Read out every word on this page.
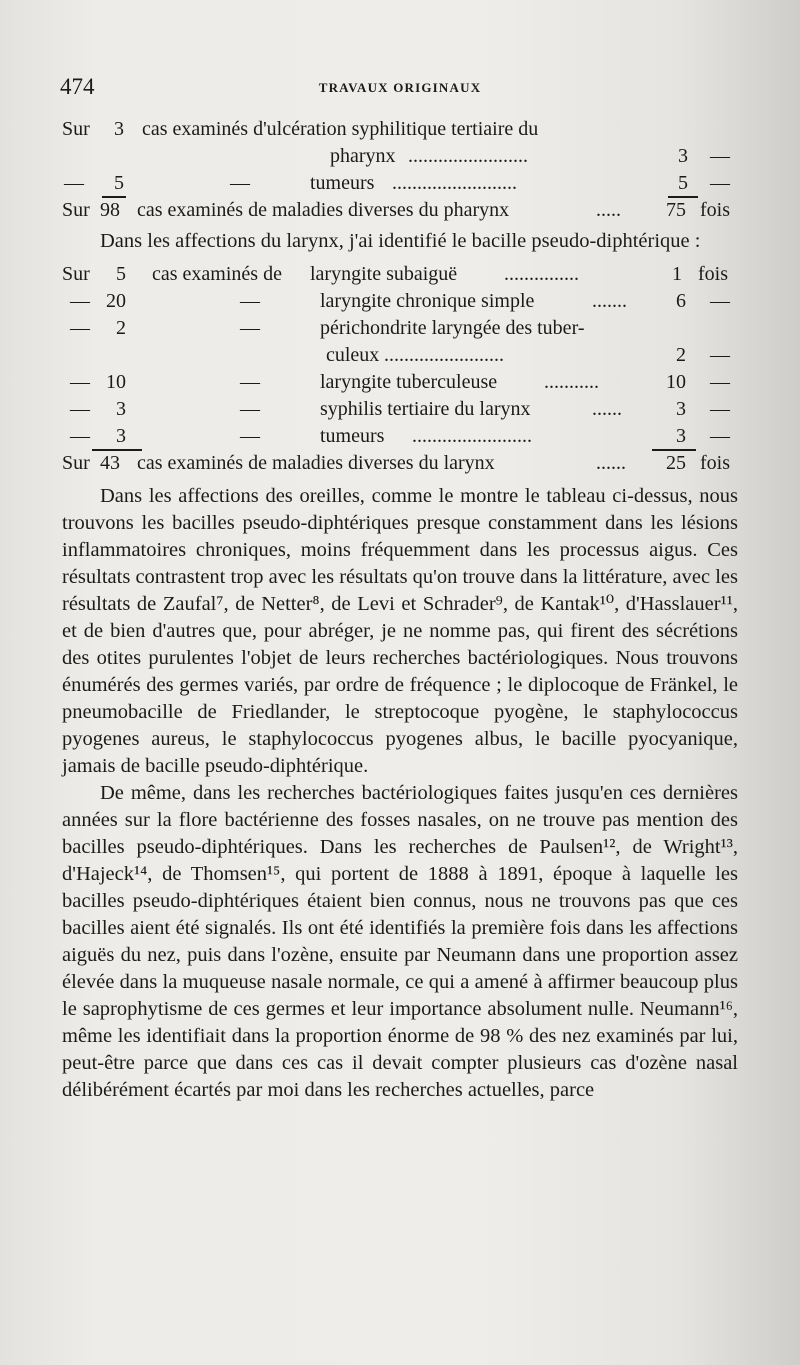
474	TRAVAUX ORIGINAUX
Sur 3 cas examinés d'ulcération syphilitique tertiaire du
pharynx ........................	3 —
— 5	—	tumeurs .........................	5 —
Sur 98 cas examinés de maladies diverses du pharynx	..... 75 fois

Dans les affections du larynx, j'ai identifié le bacille pseudo-diphtérique :

Sur 5 cas examinés de laryngite subaiguë ...............	1 fois
— 20	—	laryngite chronique simple	....... 6 —
— 2	—	périchondrite laryngée des tuber-
culeux ........................	2 —
— 10	—	laryngite tuberculeuse ...........	10 —
— 3	—	syphilis tertiaire du larynx	......	3 —
— 3	—	tumeurs ........................	3 —
Sur 43 cas examinés de maladies diverses du larynx	...... 25 fois

Dans les affections des oreilles, comme le montre le tableau ci-dessus, nous trouvons les bacilles pseudo-diphtériques presque constamment dans les lésions inflammatoires chroniques, moins fréquemment dans les processus aigus. Ces résultats contrastent trop avec les résultats qu'on trouve dans la littérature, avec les résultats de Zaufal⁷, de Netter⁸, de Levi et Schrader⁹, de Kantak¹⁰, d'Hasslauer¹¹, et de bien d'autres que, pour abréger, je ne nomme pas, qui firent des sécrétions des otites purulentes l'objet de leurs recherches bactériologiques. Nous trouvons énumérés des germes variés, par ordre de fréquence ; le diplocoque de Fränkel, le pneumobacille de Friedlander, le streptocoque pyogène, le staphylococcus pyogenes aureus, le staphylococcus pyogenes albus, le bacille pyocyanique, jamais de bacille pseudo-diphtérique.

De même, dans les recherches bactériologiques faites jusqu'en ces dernières années sur la flore bactérienne des fosses nasales, on ne trouve pas mention des bacilles pseudo-diphtériques. Dans les recherches de Paulsen¹², de Wright¹³, d'Hajeck¹⁴, de Thomsen¹⁵, qui portent de 1888 à 1891, époque à laquelle les bacilles pseudo-diphtériques étaient bien connus, nous ne trouvons pas que ces bacilles aient été signalés. Ils ont été identifiés la première fois dans les affections aiguës du nez, puis dans l'ozène, ensuite par Neumann dans une proportion assez élevée dans la muqueuse nasale normale, ce qui a amené à affirmer beaucoup plus le saprophytisme de ces germes et leur importance absolument nulle. Neumann¹⁶, même les identifiait dans la proportion énorme de 98 % des nez examinés par lui, peut-être parce que dans ces cas il devait compter plusieurs cas d'ozène nasal délibérément écartés par moi dans les recherches actuelles, parce
